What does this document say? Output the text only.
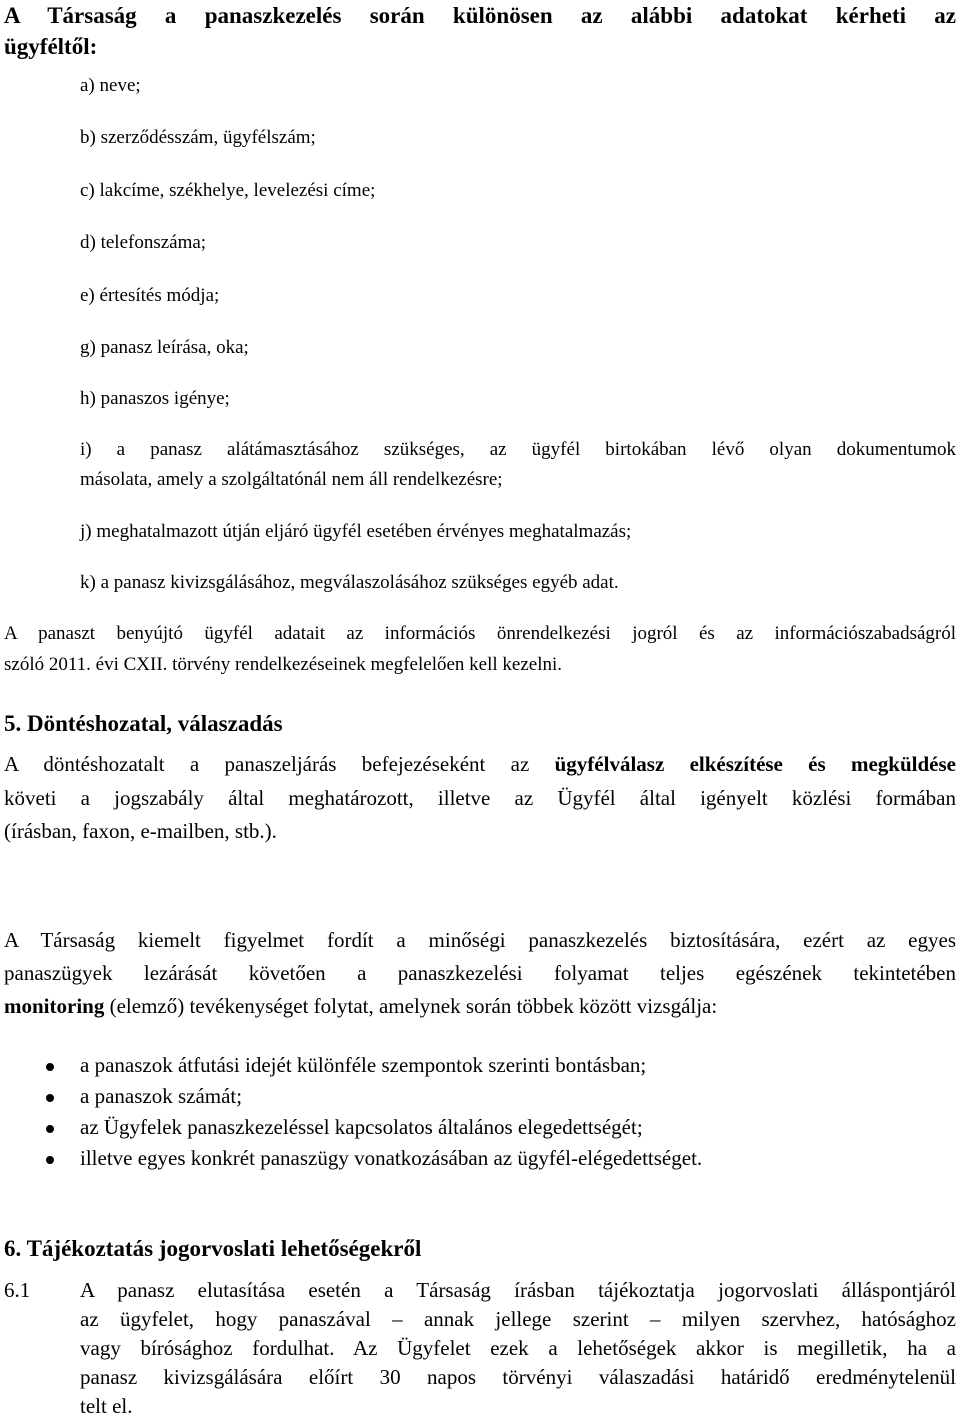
A Társaság a panaszkezelés során különösen az alábbi adatokat kérheti az
ügyféltől:
a) neve;
b) szerződésszám, ügyfélszám;
c) lakcíme, székhelye, levelezési címe;
d) telefonszáma;
e) értesítés módja;
g) panasz leírása, oka;
h) panaszos igénye;
i) a panasz alátámasztásához szükséges, az ügyfél birtokában lévő olyan dokumentumok
másolata, amely a szolgáltatónál nem áll rendelkezésre;
j) meghatalmazott útján eljáró ügyfél esetében érvényes meghatalmazás;
k) a panasz kivizsgálásához, megválaszolásához szükséges egyéb adat.
A panaszt benyújtó ügyfél adatait az információs önrendelkezési jogról és az információszabadságról
szóló 2011. évi CXII. törvény rendelkezéseinek megfelelően kell kezelni.
5. Döntéshozatal, válaszadás
A döntéshozatalt a panaszeljárás befejezéseként az ügyfélválasz elkészítése és megküldése
követi a jogszabály által meghatározott, illetve az Ügyfél által igényelt közlési formában
(írásban, faxon, e-mailben, stb.).
A Társaság kiemelt figyelmet fordít a minőségi panaszkezelés biztosítására, ezért az egyes
panaszügyek lezárását követően a panaszkezelési folyamat teljes egészének tekintetében
monitoring (elemző) tevékenységet folytat, amelynek során többek között vizsgálja:
a panaszok átfutási idejét különféle szempontok szerinti bontásban;
a panaszok számát;
az Ügyfelek panaszkezeléssel kapcsolatos általános elegedettségét;
illetve egyes konkrét panaszügy vonatkozásában az ügyfél-elégedettséget.
6. Tájékoztatás jogorvoslati lehetőségekről
6.1 A panasz elutasítása esetén a Társaság írásban tájékoztatja jogorvoslati álláspontjáról
az ügyfelet, hogy panaszával – annak jellege szerint – milyen szervhez, hatósághoz
vagy bírósághoz fordulhat. Az Ügyfelet ezek a lehetőségek akkor is megilletik, ha a
panasz kivizsgálására előírt 30 napos törvényi válaszadási határidő eredménytelenül
telt el.
